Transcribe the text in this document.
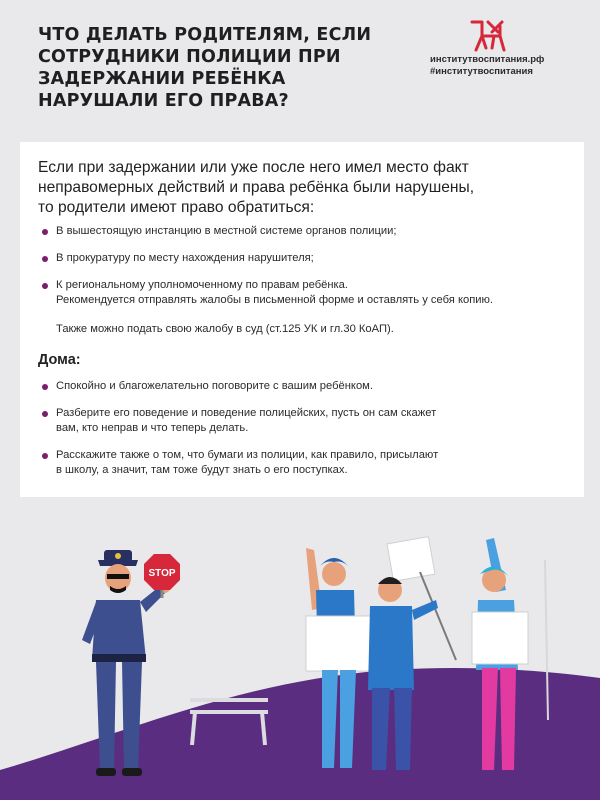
ЧТО ДЕЛАТЬ РОДИТЕЛЯМ, ЕСЛИ
СОТРУДНИКИ ПОЛИЦИИ ПРИ
ЗАДЕРЖАНИИ РЕБЁНКА
НАРУШАЛИ ЕГО ПРАВА?
институтвоспитания.рф
#институтвоспитания
Если при задержании или уже после него имел место факт
неправомерных действий и права ребёнка были нарушены,
то родители имеют право обратиться:
В вышестоящую инстанцию в местной системе органов полиции;
В прокуратуру по месту нахождения нарушителя;
К региональному уполномоченному по правам ребёнка.
Рекомендуется отправлять жалобы в письменной форме и оставлять у себя копию.
Также можно подать свою жалобу в суд (ст.125 УК и гл.30 КоАП).
Дома:
Спокойно и благожелательно поговорите с вашим ребёнком.
Разберите его поведение и поведение полицейских, пусть он сам скажет
вам, кто неправ и что теперь делать.
Расскажите также о том, что бумаги из полиции, как правило, присылают
в школу, а значит, там тоже будут знать о его поступках.
STOP
